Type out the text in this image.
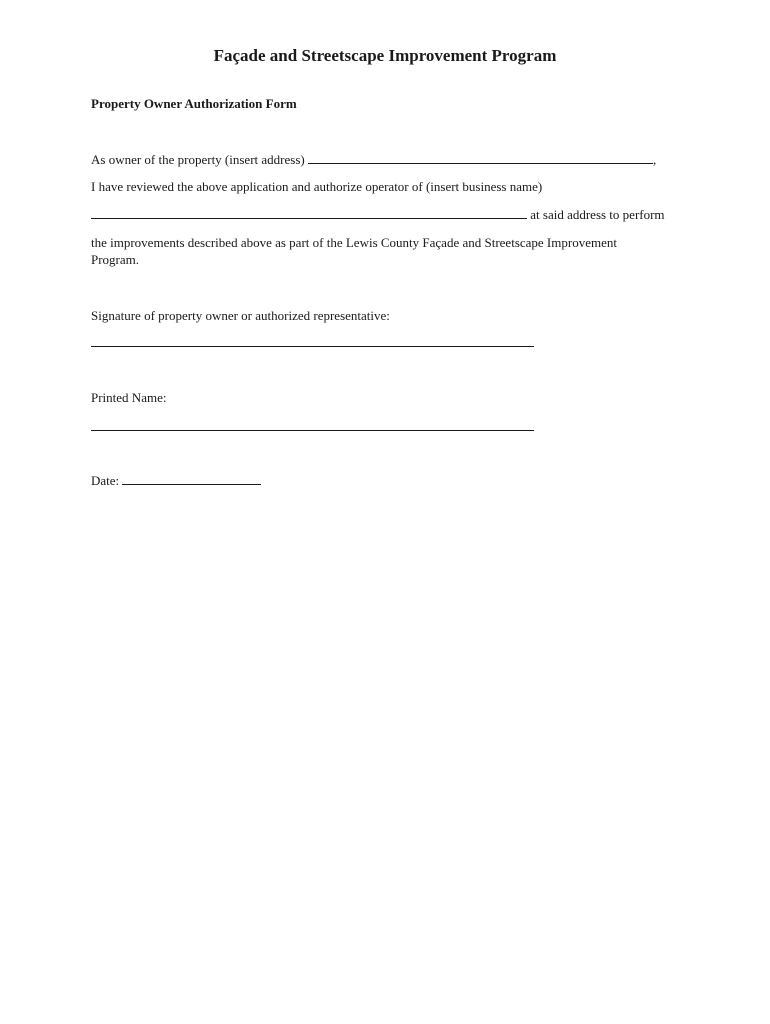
Façade and Streetscape Improvement Program
Property Owner Authorization Form
As owner of the property (insert address)	,
I have reviewed the above application and authorize operator of (insert business name)
at said address to perform
the improvements described above as part of the Lewis County Façade and Streetscape Improvement
Program.
Signature of property owner or authorized representative:
Printed Name:
Date:
